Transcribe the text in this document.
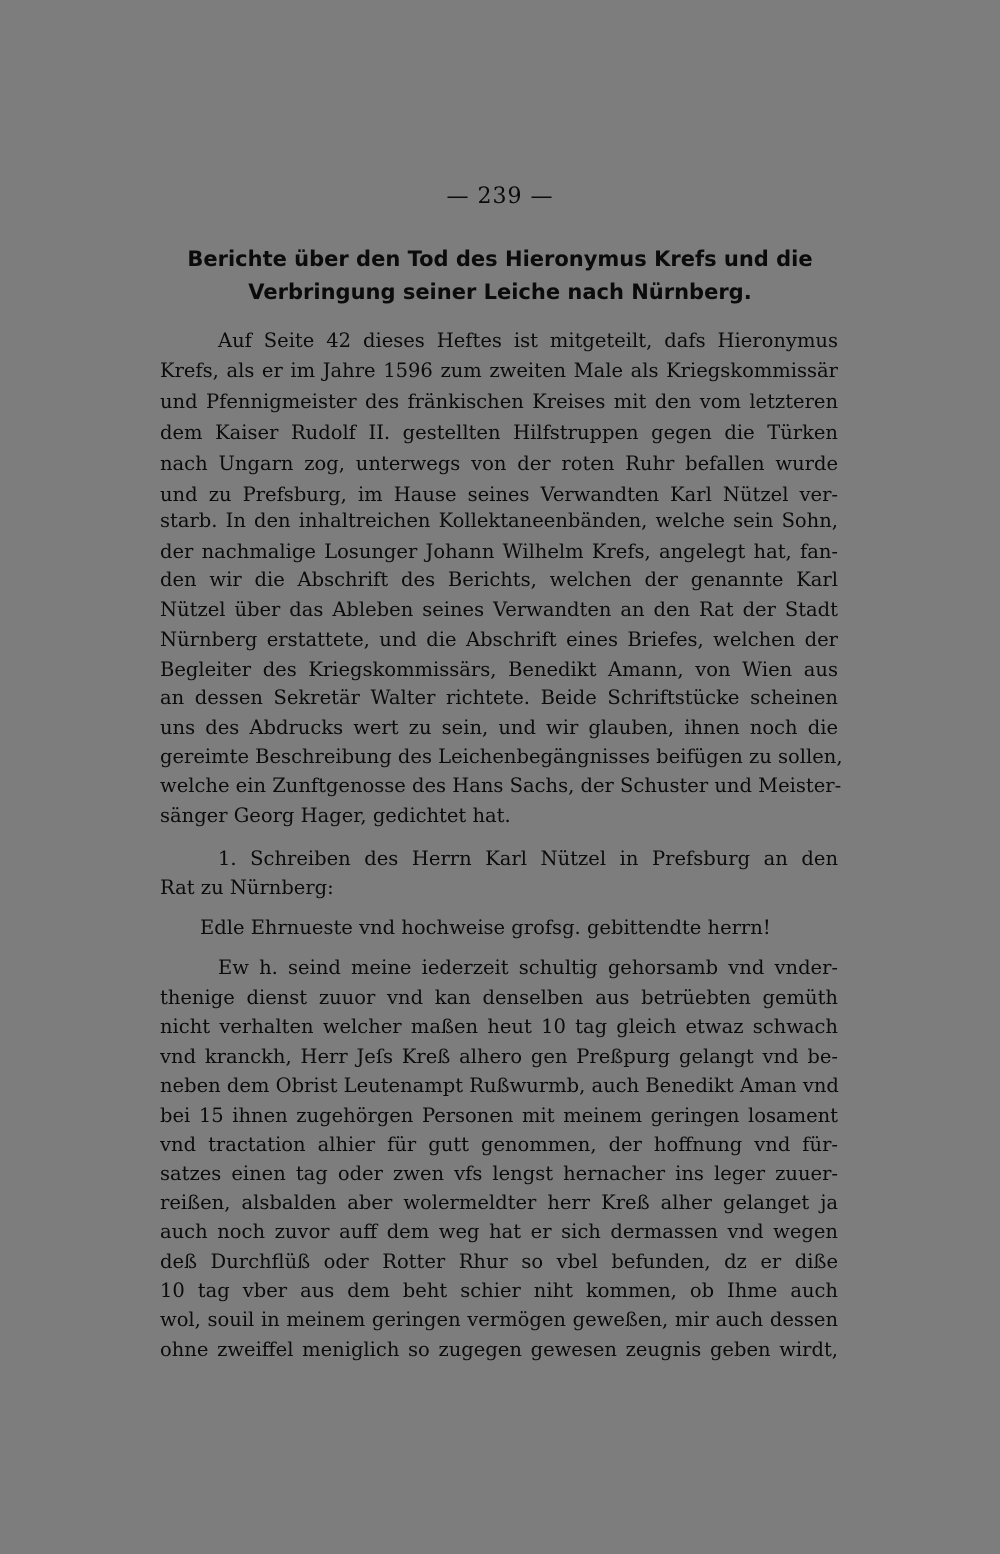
— 239 —
Berichte über den Tod des Hieronymus Krefs und die
Verbringung seiner Leiche nach Nürnberg.
Auf Seite 42 dieses Heftes ist mitgeteilt, dafs Hieronymus
Krefs, als er im Jahre 1596 zum zweiten Male als Kriegskommissär
und Pfennigmeister des fränkischen Kreises mit den vom letzteren
dem Kaiser Rudolf II. gestellten Hilfstruppen gegen die Türken
nach Ungarn zog, unterwegs von der roten Ruhr befallen wurde
und zu Prefsburg, im Hause seines Verwandten Karl Nützel ver-
starb. In den inhaltreichen Kollektaneenbänden, welche sein Sohn,
der nachmalige Losunger Johann Wilhelm Krefs, angelegt hat, fan-
den wir die Abschrift des Berichts, welchen der genannte Karl
Nützel über das Ableben seines Verwandten an den Rat der Stadt
Nürnberg erstattete, und die Abschrift eines Briefes, welchen der
Begleiter des Kriegskommissärs, Benedikt Amann, von Wien aus
an dessen Sekretär Walter richtete. Beide Schriftstücke scheinen
uns des Abdrucks wert zu sein, und wir glauben, ihnen noch die
gereimte Beschreibung des Leichenbegängnisses beifügen zu sollen,
welche ein Zunftgenosse des Hans Sachs, der Schuster und Meister-
sänger Georg Hager, gedichtet hat.
1. Schreiben des Herrn Karl Nützel in Prefsburg an den
Rat zu Nürnberg:
Edle Ehrnueste vnd hochweise grofsg. gebittendte herrn!
Ew h. seind meine iederzeit schultig gehorsamb vnd vnder-
thenige dienst zuuor vnd kan denselben aus betrüebten gemüth
nicht verhalten welcher maßen heut 10 tag gleich etwaz schwach
vnd kranckh, Herr Jeſs Kreß alhero gen Preßpurg gelangt vnd be-
neben dem Obrist Leutenampt Rußwurmb, auch Benedikt Aman vnd
bei 15 ihnen zugehörgen Personen mit meinem geringen losament
vnd tractation alhier für gutt genommen, der hoffnung vnd für-
satzes einen tag oder zwen vfs lengst hernacher ins leger zuuer-
reißen, alsbalden aber wolermeldter herr Kreß alher gelanget ja
auch noch zuvor auff dem weg hat er sich dermassen vnd wegen
deß Durchflüß oder Rotter Rhur so vbel befunden, dz er diße
10 tag vber aus dem beht schier niht kommen, ob Ihme auch
wol, souil in meinem geringen vermögen geweßen, mir auch dessen
ohne zweiffel meniglich so zugegen gewesen zeugnis geben wirdt,
